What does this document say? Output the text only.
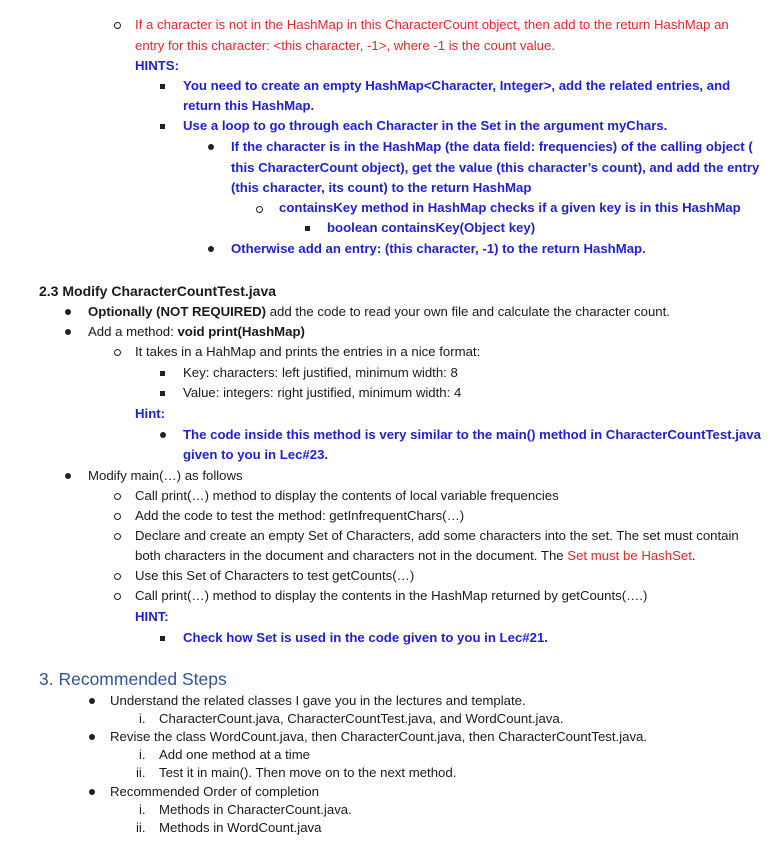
If a character is not in the HashMap in this CharacterCount object, then add to the return HashMap an
entry for this character: <this character, -1>, where -1 is the count value.
HINTS:
You need to create an empty HashMap<Character, Integer>, add the related entries, and
return this HashMap.
Use a loop to go through each Character in the Set in the argument myChars.
If the character is in the HashMap (the data field: frequencies) of the calling object (
this CharacterCount object), get the value (this character’s count), and add the entry
(this character, its count) to the return HashMap
containsKey method in HashMap checks if a given key is in this HashMap
boolean containsKey(Object key)
Otherwise add an entry: (this character, -1) to the return HashMap.
2.3 Modify CharacterCountTest.java
Optionally (NOT REQUIRED) add the code to read your own file and calculate the character count.
Add a method: void print(HashMap)
It takes in a HahMap and prints the entries in a nice format:
Key: characters: left justified, minimum width: 8
Value: integers: right justified, minimum width: 4
Hint:
The code inside this method is very similar to the main() method in CharacterCountTest.java
given to you in Lec#23.
Modify main(…) as follows
Call print(…) method to display the contents of local variable frequencies
Add the code to test the method: getInfrequentChars(…)
Declare and create an empty Set of Characters, add some characters into the set. The set must contain
both characters in the document and characters not in the document. The Set must be HashSet.
Use this Set of Characters to test getCounts(…)
Call print(…) method to display the contents in the HashMap returned by getCounts(….)
HINT:
Check how Set is used in the code given to you in Lec#21.
3. Recommended Steps
Understand the related classes I gave you in the lectures and template.
i. CharacterCount.java, CharacterCountTest.java, and WordCount.java.
Revise the class WordCount.java, then CharacterCount.java, then CharacterCountTest.java.
i. Add one method at a time
ii. Test it in main(). Then move on to the next method.
Recommended Order of completion
i. Methods in CharacterCount.java.
ii. Methods in WordCount.java
